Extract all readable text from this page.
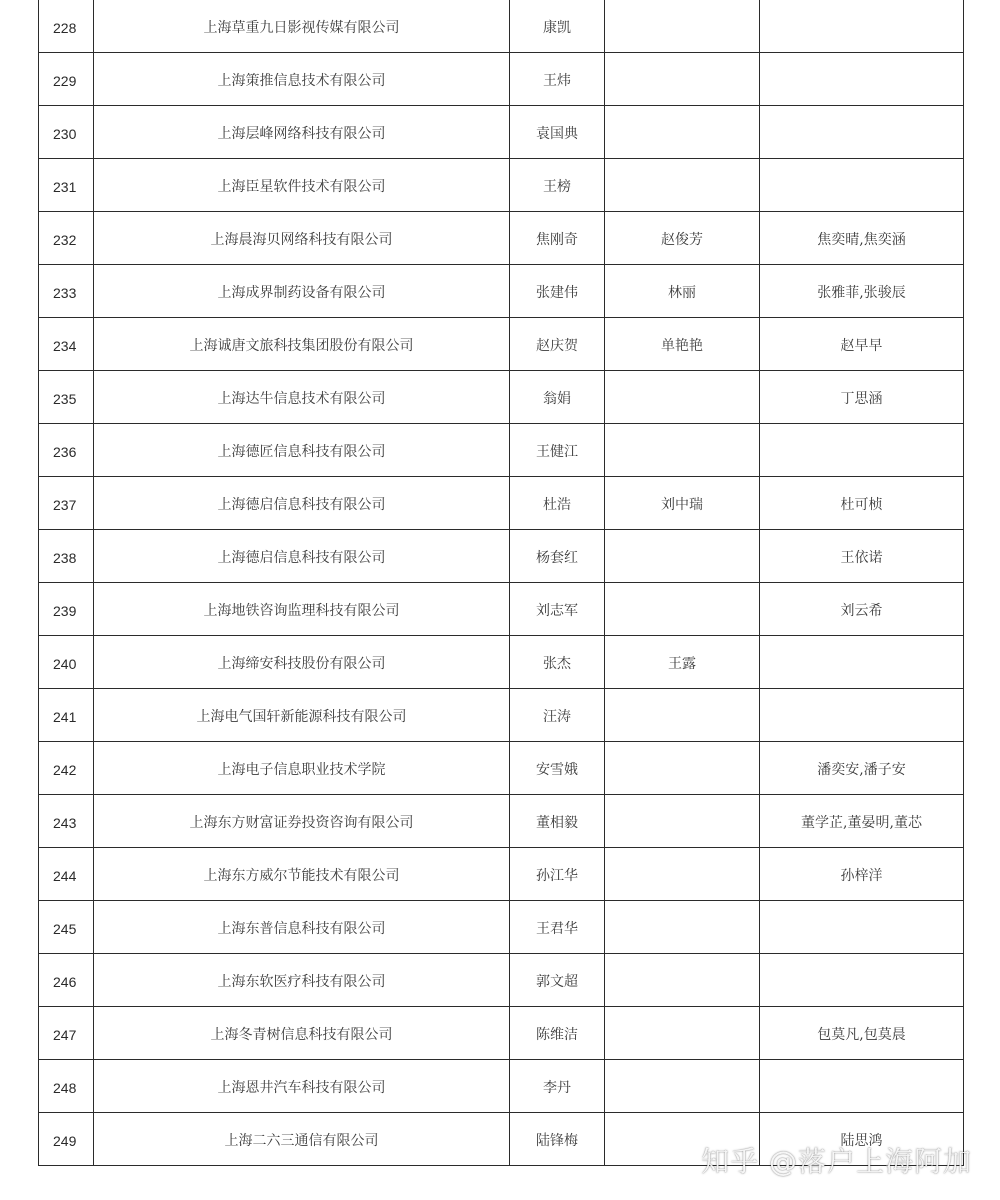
228	上海草重九日影视传媒有限公司	康凯		
229	上海策推信息技术有限公司	王炜		
230	上海层峰网络科技有限公司	袁国典		
231	上海臣星软件技术有限公司	王榜		
232	上海晨海贝网络科技有限公司	焦刚奇	赵俊芳	焦奕晴,焦奕涵
233	上海成界制药设备有限公司	张建伟	林丽	张雅菲,张骏辰
234	上海诚唐文旅科技集团股份有限公司	赵庆贺	单艳艳	赵早早
235	上海达牛信息技术有限公司	翁娟		丁思涵
236	上海德匠信息科技有限公司	王健江		
237	上海德启信息科技有限公司	杜浩	刘中瑞	杜可桢
238	上海德启信息科技有限公司	杨套红		王依诺
239	上海地铁咨询监理科技有限公司	刘志军		刘云希
240	上海缔安科技股份有限公司	张杰	王露	
241	上海电气国轩新能源科技有限公司	汪涛		
242	上海电子信息职业技术学院	安雪娥		潘奕安,潘子安
243	上海东方财富证券投资咨询有限公司	董相毅		董学芷,董晏明,董芯
244	上海东方威尔节能技术有限公司	孙江华		孙梓洋
245	上海东普信息科技有限公司	王君华		
246	上海东软医疗科技有限公司	郭文超		
247	上海冬青树信息科技有限公司	陈维洁		包莫凡,包莫晨
248	上海恩井汽车科技有限公司	李丹		
249	上海二六三通信有限公司	陆锋梅		陆思鸿
知乎 @落户上海阿加
